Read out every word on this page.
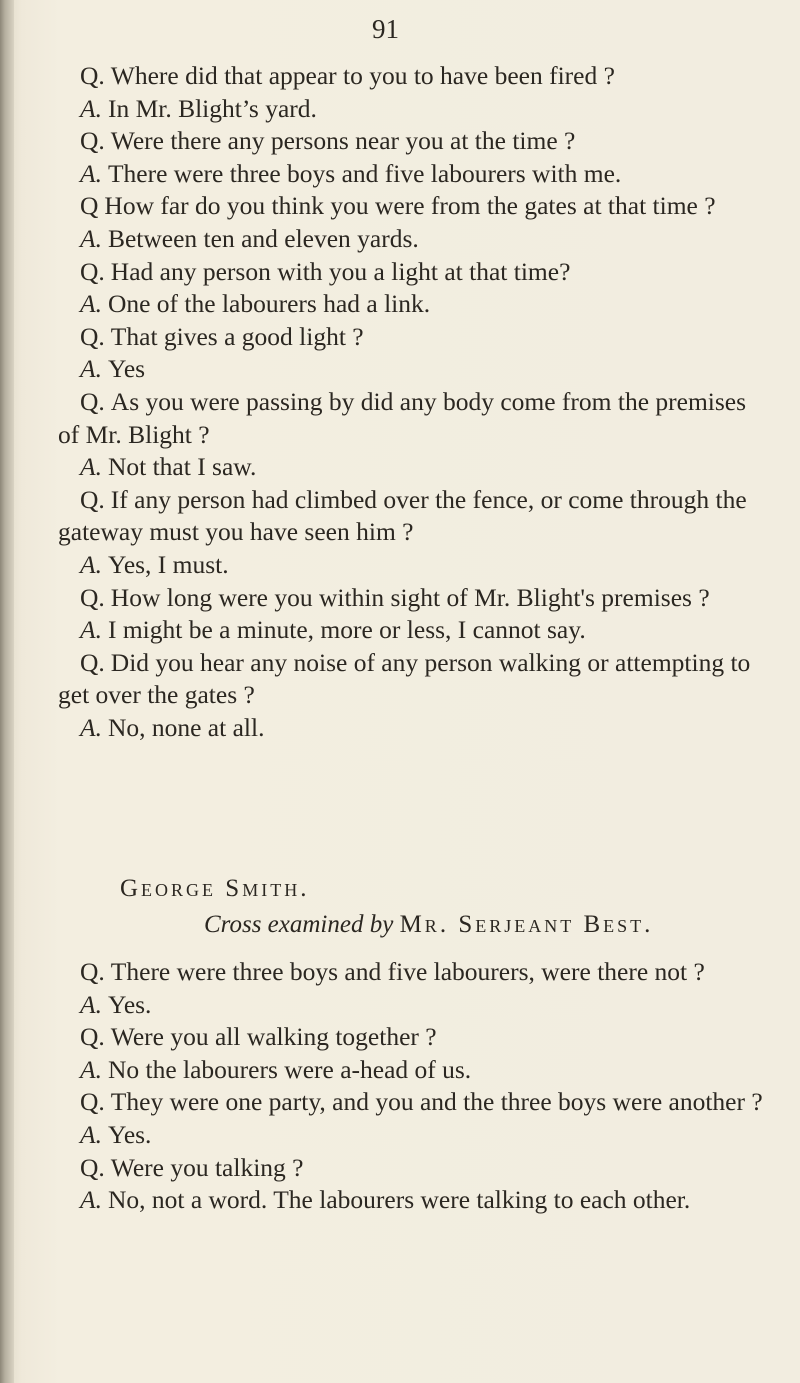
91

Q. Where did that appear to you to have been fired ?

A. In Mr. Blight’s yard.

Q. Were there any persons near you at the time ?

A. There were three boys and five labourers with me.

Q How far do you think you were from the gates at that time ?

A. Between ten and eleven yards.

Q. Had any person with you a light at that time?

A. One of the labourers had a link.

Q. That gives a good light ?

A. Yes

Q. As you were passing by did any body come from the premises of Mr. Blight ?

A. Not that I saw.

Q. If any person had climbed over the fence, or come through the gateway must you have seen him ?

A. Yes, I must.

Q. How long were you within sight of Mr. Blight's premises ?

A. I might be a minute, more or less, I cannot say.

Q. Did you hear any noise of any person walking or attempting to get over the gates ?

A. No, none at all.

George Smith.
Cross examined by Mr. Serjeant Best.

Q. There were three boys and five labourers, were there not ?

A. Yes.

Q. Were you all walking together ?

A. No the labourers were a-head of us.

Q. They were one party, and you and the three boys were another ?

A. Yes.

Q. Were you talking ?

A. No, not a word. The labourers were talking to each other.
